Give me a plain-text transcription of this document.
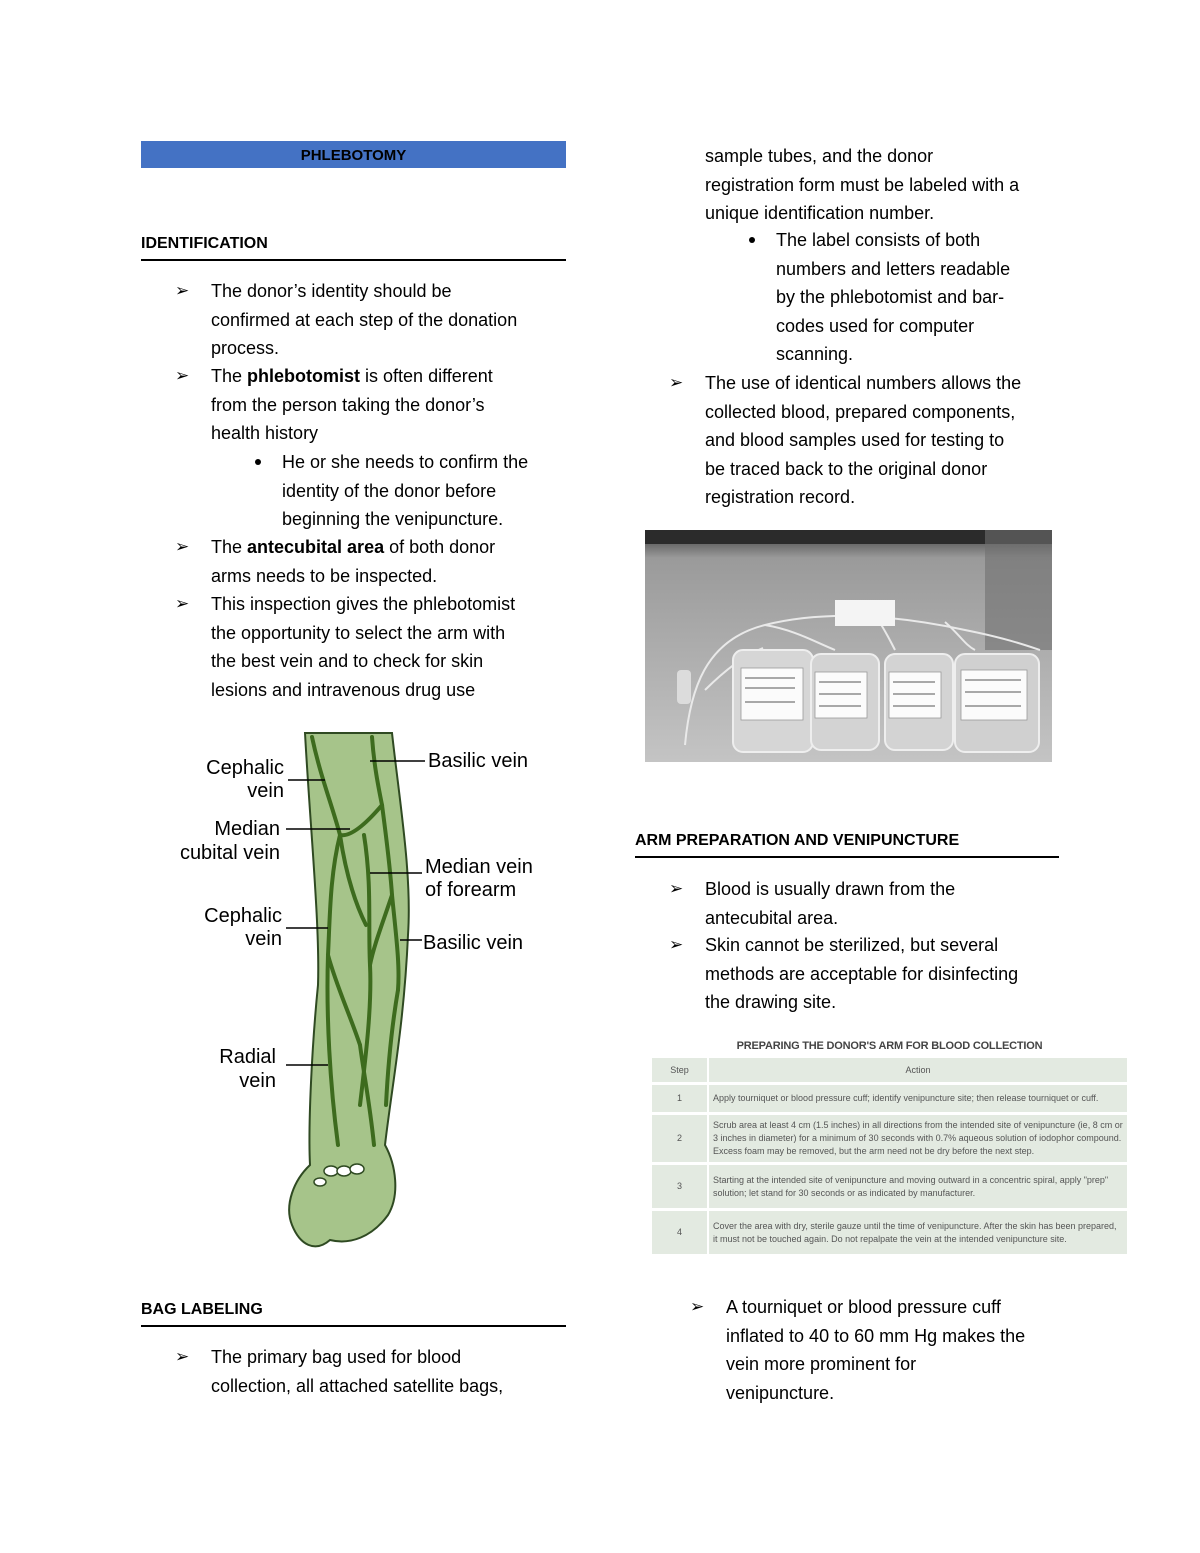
PHLEBOTOMY
IDENTIFICATION
➢ The donor’s identity should be
confirmed at each step of the donation
process.
➢ The phlebotomist is often different
from the person taking the donor’s
health history
He or she needs to confirm the
identity of the donor before
beginning the venipuncture.
➢ The antecubital area of both donor
arms needs to be inspected.
➢ This inspection gives the phlebotomist
the opportunity to select the arm with
the best vein and to check for skin
lesions and intravenous drug use
Cephalic
vein
Basilic vein
Median
cubital vein
Median vein
of forearm
Cephalic
vein	Basilic vein
Radial
vein
BAG LABELING
➢ The primary bag used for blood
collection, all attached satellite bags,
sample tubes, and the donor
registration form must be labeled with a
unique identification number.
The label consists of both
numbers and letters readable
by the phlebotomist and bar-
codes used for computer
scanning.
➢ The use of identical numbers allows the
collected blood, prepared components,
and blood samples used for testing to
be traced back to the original donor
registration record.
ARM PREPARATION AND VENIPUNCTURE
➢ Blood is usually drawn from the
antecubital area.
➢ Skin cannot be sterilized, but several
methods are acceptable for disinfecting
the drawing site.
PREPARING THE DONOR'S ARM FOR BLOOD COLLECTION
Step	Action
1	Apply tourniquet or blood pressure cuff; identify venipuncture site; then release tourniquet or cuff.
2	Scrub area at least 4 cm (1.5 inches) in all directions from the intended site of venipuncture (ie, 8 cm or 3 inches in diameter) for a minimum of 30 seconds with 0.7% aqueous solution of iodophor compound. Excess foam may be removed, but the arm need not be dry before the next step.
3	Starting at the intended site of venipuncture and moving outward in a concentric spiral, apply "prep" solution; let stand for 30 seconds or as indicated by manufacturer.
4	Cover the area with dry, sterile gauze until the time of venipuncture. After the skin has been prepared, it must not be touched again. Do not repalpate the vein at the intended venipuncture site.
➢ A tourniquet or blood pressure cuff
inflated to 40 to 60 mm Hg makes the
vein more prominent for
venipuncture.
